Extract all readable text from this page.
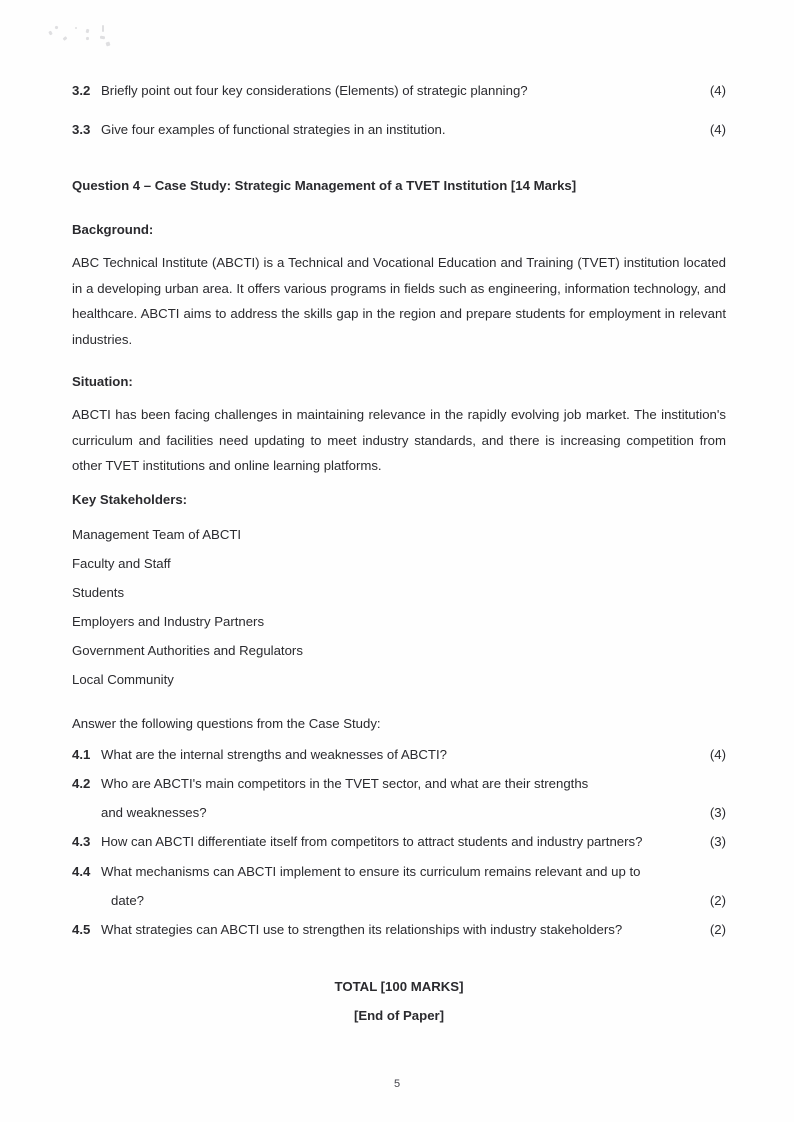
3.2 Briefly point out four key considerations (Elements) of strategic planning?	(4)
3.3 Give four examples of functional strategies in an institution.	(4)
Question 4 – Case Study: Strategic Management of a TVET Institution [14 Marks]
Background:
ABC Technical Institute (ABCTI) is a Technical and Vocational Education and Training (TVET) institution located in a developing urban area. It offers various programs in fields such as engineering, information technology, and healthcare. ABCTI aims to address the skills gap in the region and prepare students for employment in relevant industries.
Situation:
ABCTI has been facing challenges in maintaining relevance in the rapidly evolving job market. The institution's curriculum and facilities need updating to meet industry standards, and there is increasing competition from other TVET institutions and online learning platforms.
Key Stakeholders:
Management Team of ABCTI
Faculty and Staff
Students
Employers and Industry Partners
Government Authorities and Regulators
Local Community
Answer the following questions from the Case Study:
4.1 What are the internal strengths and weaknesses of ABCTI?	(4)
4.2 Who are ABCTI's main competitors in the TVET sector, and what are their strengths
and weaknesses?	(3)
4.3 How can ABCTI differentiate itself from competitors to attract students and industry partners?	(3)
4.4 What mechanisms can ABCTI implement to ensure its curriculum remains relevant and up to
date?	(2)
4.5 What strategies can ABCTI use to strengthen its relationships with industry stakeholders?	(2)
TOTAL [100 MARKS]
[End of Paper]
5
